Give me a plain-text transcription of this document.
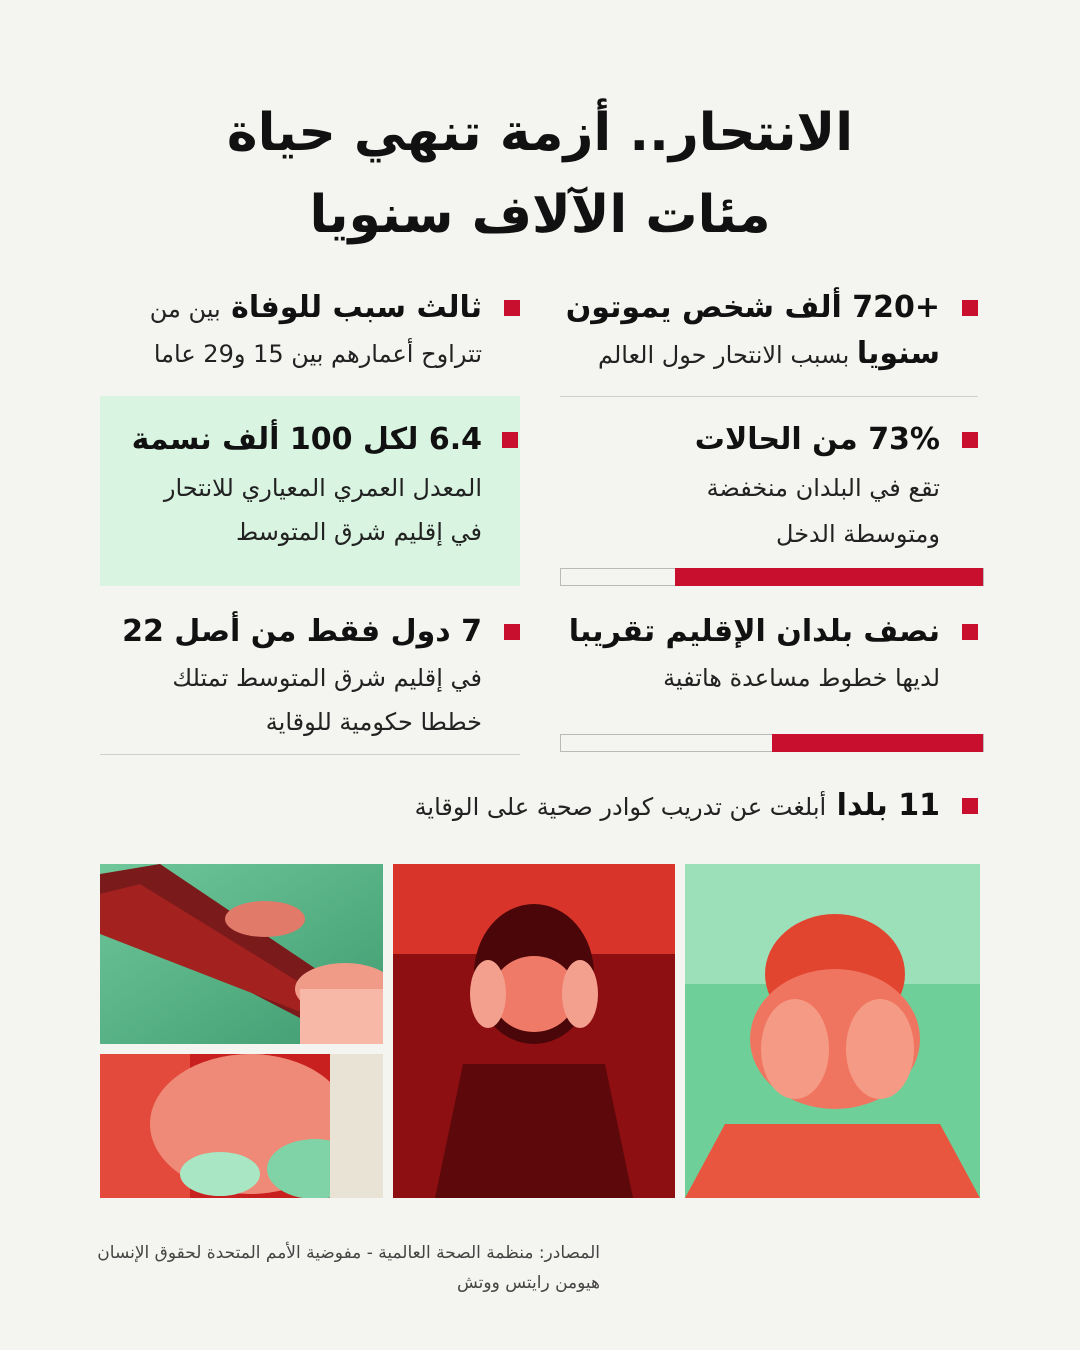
الانتحار.. أزمة تنهي حياة
مئات الآلاف سنويا
+720 ألف شخص يموتون
سنويا بسبب الانتحار حول العالم
ثالث سبب للوفاة بين من
تتراوح أعمارهم بين 15 و29 عاما
73% من الحالات
تقع في البلدان منخفضة
ومتوسطة الدخل
6.4 لكل 100 ألف نسمة
المعدل العمري المعياري للانتحار
في إقليم شرق المتوسط
نصف بلدان الإقليم تقريبا
لديها خطوط مساعدة هاتفية
7 دول فقط من أصل 22
في إقليم شرق المتوسط تمتلك
خططا حكومية للوقاية
11 بلدا أبلغت عن تدريب كوادر صحية على الوقاية
المصادر: منظمة الصحة العالمية - مفوضية الأمم المتحدة لحقوق الإنسان
هيومن رايتس ووتش
